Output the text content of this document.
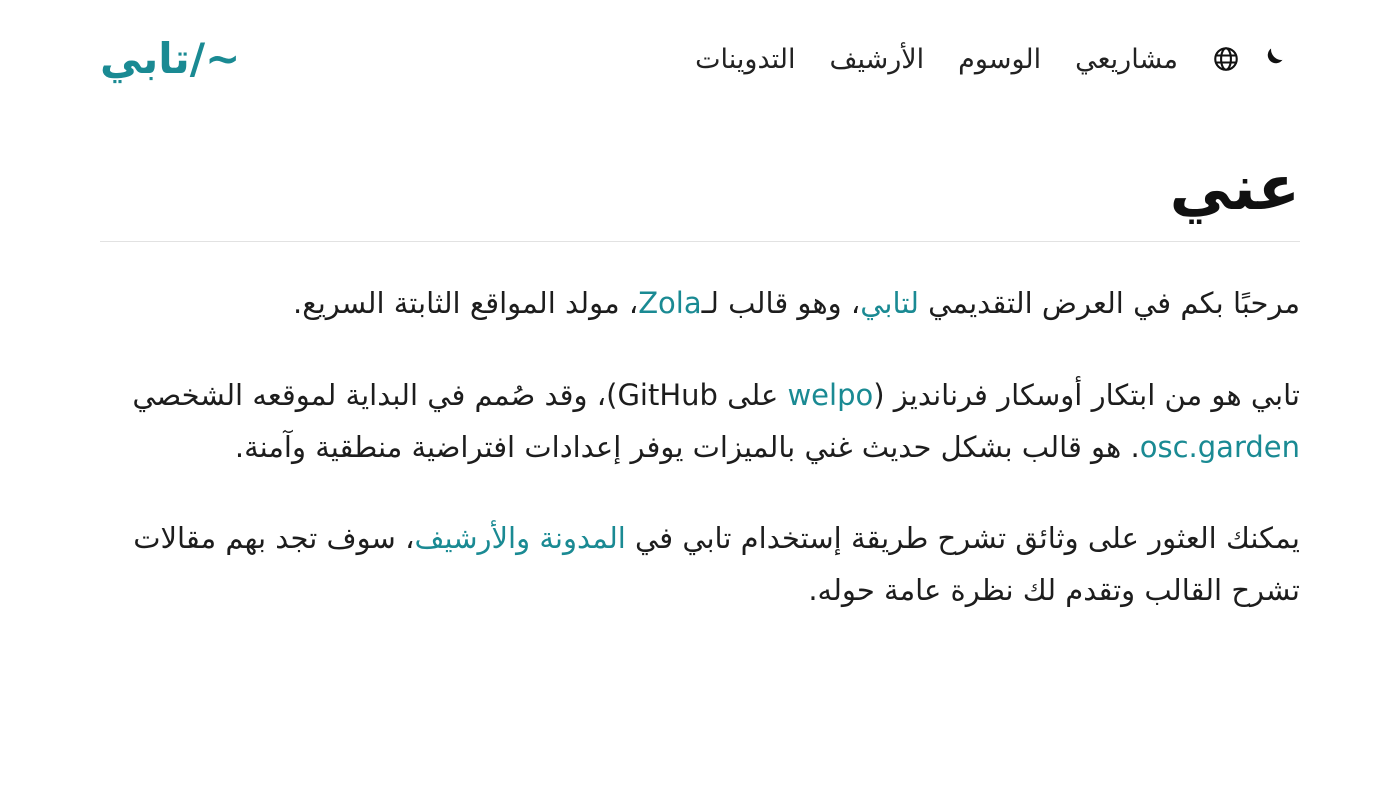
مشاريعي
الوسوم
الأرشيف
التدوينات
~/تابي
عني

مرحبًا بكم في العرض التقديمي لتابي، وهو قالب لـZola، مولد المواقع الثابتة السريع.

تابي هو من ابتكار أوسكار فرنانديز (welpo على GitHub)، وقد صُمم في البداية لموقعه الشخصي osc.garden. هو قالب بشكل حديث غني بالميزات يوفر إعدادات افتراضية منطقية وآمنة.

يمكنك العثور على وثائق تشرح طريقة إستخدام تابي في المدونة والأرشيف، سوف تجد بهم مقالات تشرح القالب وتقدم لك نظرة عامة حوله.
